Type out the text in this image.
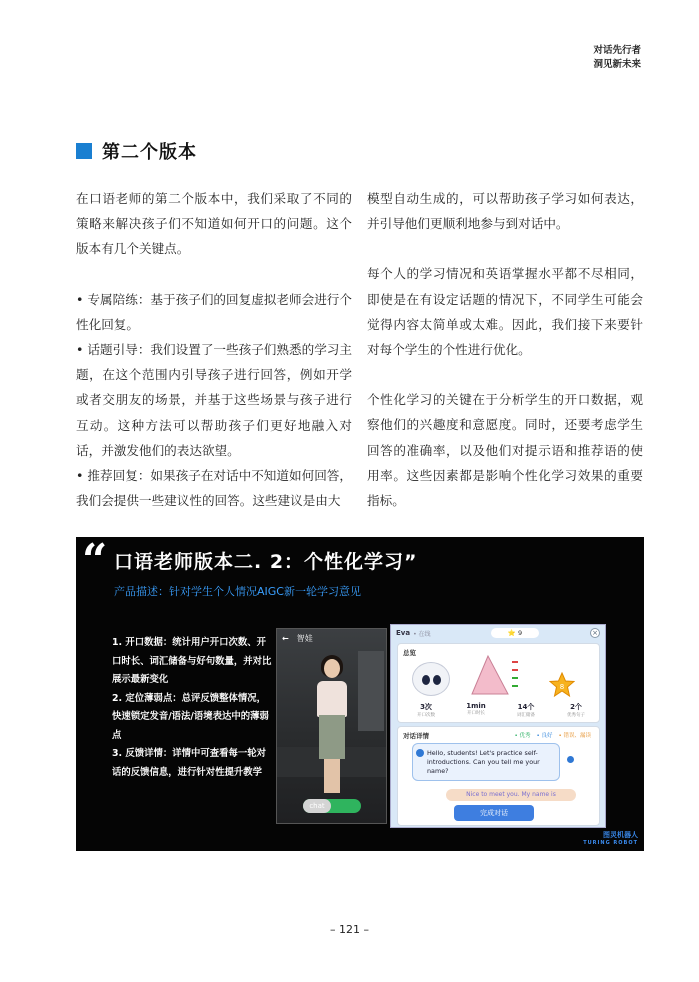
对话先行者
洞见新未来
第二个版本

在口语老师的第二个版本中，我们采取了不同的策略来解决孩子们不知道如何开口的问题。这个版本有几个关键点。

• 专属陪练：基于孩子们的回复虚拟老师会进行个性化回复。

• 话题引导：我们设置了一些孩子们熟悉的学习主题，在这个范围内引导孩子进行回答，例如开学或者交朋友的场景，并基于这些场景与孩子进行互动。这种方法可以帮助孩子们更好地融入对话，并激发他们的表达欲望。

• 推荐回复：如果孩子在对话中不知道如何回答，我们会提供一些建议性的回答。这些建议是由大

模型自动生成的，可以帮助孩子学习如何表达，并引导他们更顺利地参与到对话中。

每个人的学习情况和英语掌握水平都不尽相同，即使是在有设定话题的情况下，不同学生可能会觉得内容太简单或太难。因此，我们接下来要针对每个学生的个性进行优化。

个性化学习的关键在于分析学生的开口数据，观察他们的兴趣度和意愿度。同时，还要考虑学生回答的准确率，以及他们对提示语和推荐语的使用率。这些因素都是影响个性化学习效果的重要指标。

“ 口语老师版本二. 2：个性化学习”
产品描述：针对学生个人情况AIGC新一轮学习意见
1. 开口数据：统计用户开口次数、开口时长、词汇储备与好句数量，并对比展示最新变化
2. 定位薄弱点：总评反馈整体情况，快速锁定发音/语法/语境表达中的薄弱点
3. 反馈详情：详情中可查看每一轮对话的反馈信息，进行针对性提升教学
← 智娃
chat
Eva • 在线	⭐ 9	×
总览
8
3次
开口次数
1min
开口时长
14个
词汇储备
2个
优秀句子
对话详情	• 优秀 • 良好 • 错误、漏读
Hello, students! Let's practice self-introductions. Can you tell me your name?
Nice to meet you. My name is
完成对话
图灵机器人
TURING ROBOT
– 121 –
